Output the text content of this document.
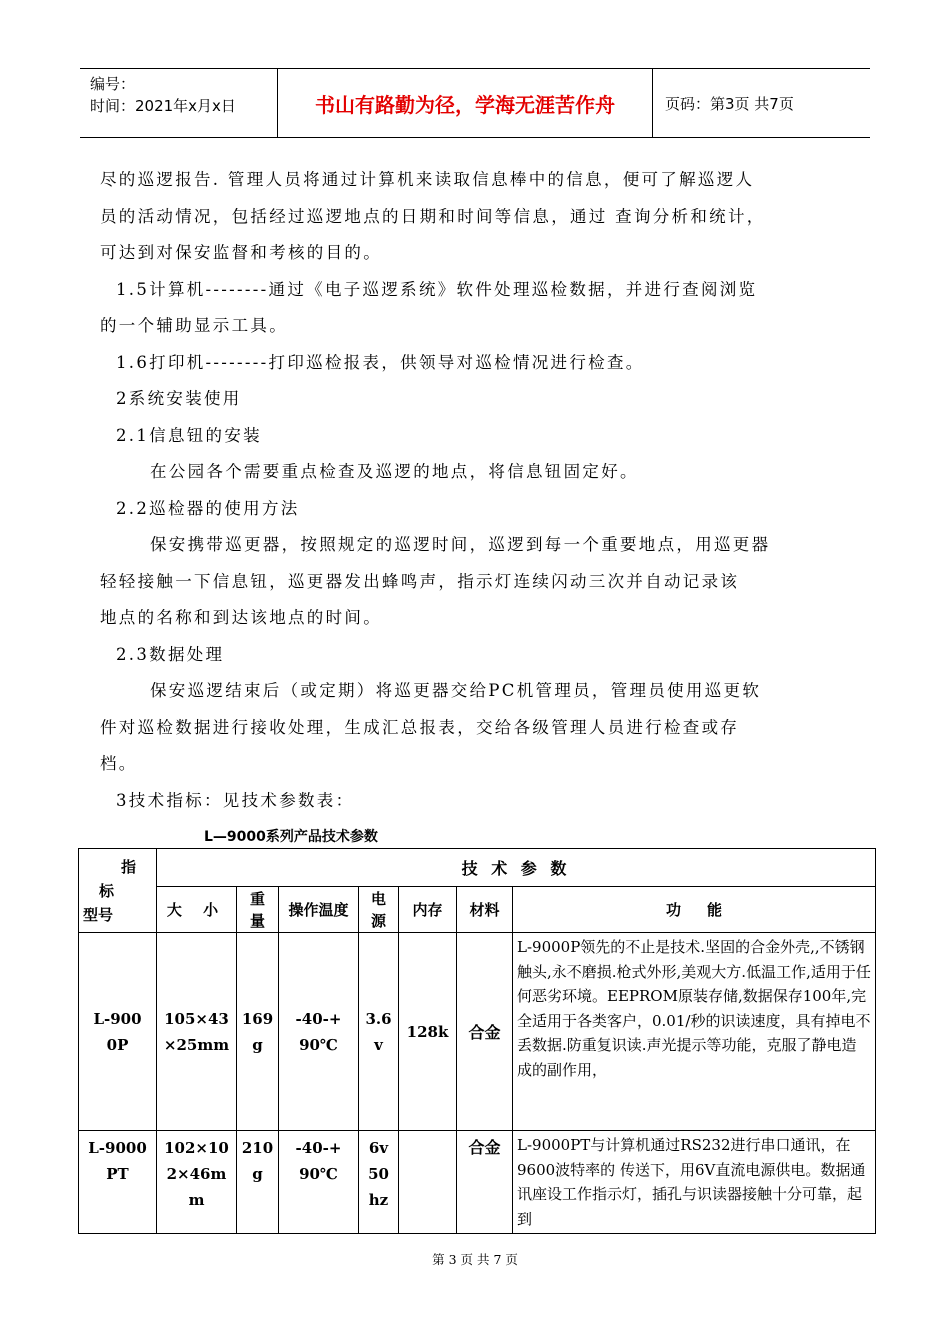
编号：
时间：2021年x月x日	书山有路勤为径，学海无涯苦作舟	页码：第3页 共7页
尽的巡逻报告. 管理人员将通过计算机来读取信息棒中的信息，便可了解巡逻人
员的活动情况，包括经过巡逻地点的日期和时间等信息，通过 查询分析和统计，
可达到对保安监督和考核的目的。
1.5计算机--------通过《电子巡逻系统》软件处理巡检数据，并进行查阅浏览
的一个辅助显示工具。
1.6打印机--------打印巡检报表，供领导对巡检情况进行检查。
2系统安装使用
2.1信息钮的安装
在公园各个需要重点检查及巡逻的地点，将信息钮固定好。
2.2巡检器的使用方法
保安携带巡更器，按照规定的巡逻时间，巡逻到每一个重要地点，用巡更器
轻轻接触一下信息钮，巡更器发出蜂鸣声，指示灯连续闪动三次并自动记录该
地点的名称和到达该地点的时间。
2.3数据处理
保安巡逻结束后（或定期）将巡更器交给PC机管理员，管理员使用巡更软
件对巡检数据进行接收处理，生成汇总报表，交给各级管理人员进行检查或存
档。
3技术指标：见技术参数表：
L—9000系列产品技术参数
指
标
型号	技 术 参 数						
	大 小	重量	操作温度	电源	内存	材料	功     能
L-9000P	105×43×25mm	169g	-40-+90℃	3.6v	128k	合金	L-9000P领先的不止是技术.坚固的合金外壳,,不锈钢触头,永不磨损.枪式外形,美观大方.低温工作,适用于任何恶劣环境。EEPROM原装存储,数据保存100年,完全适用于各类客户，0.01/秒的识读速度，具有掉电不丢数据.防重复识读.声光提示等功能，克服了静电造成的副作用，
L-9000PT	102×102×46mm	210g	-40-+90℃	6v50hz		合金	L-9000PT与计算机通过RS232进行串口通讯，在9600波特率的 传送下，用6V直流电源供电。数据通讯座设工作指示灯，插孔与识读器接触十分可靠，起到
第 3 页 共 7 页
